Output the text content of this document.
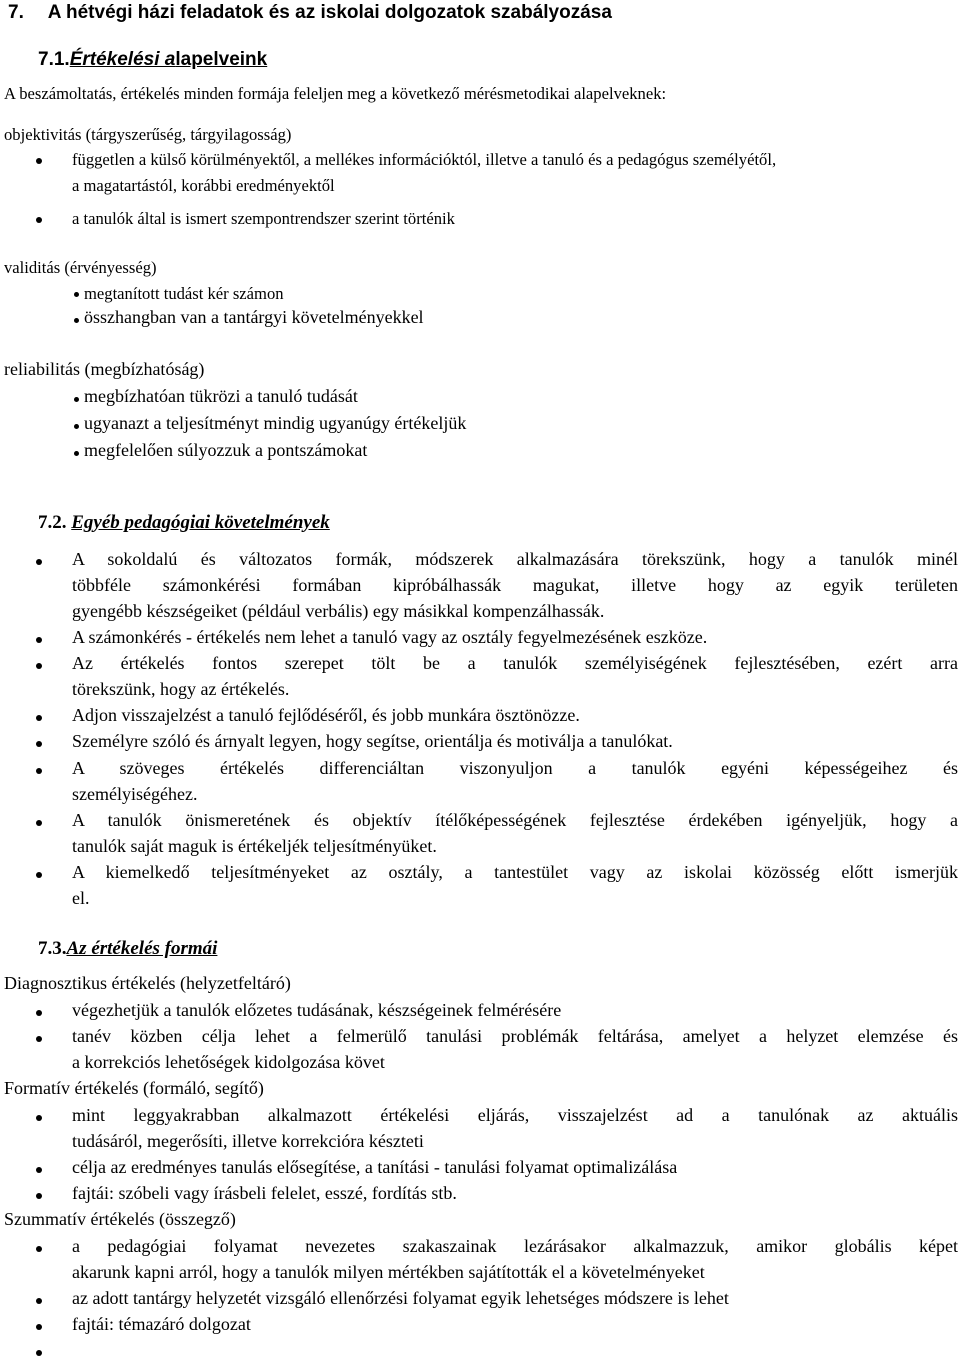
7. A hétvégi házi feladatok és az iskolai dolgozatok szabályozása
7.1.Értékelési alapelveink
A beszámoltatás, értékelés minden formája feleljen meg a következő mérésmetodikai alapelveknek:
objektivitás (tárgyszerűség, tárgyilagosság)
független a külső körülményektől, a mellékes információktól, illetve a tanuló és a pedagógus személyétől,
a magatartástól, korábbi eredményektől
a tanulók által is ismert szempontrendszer szerint történik
validitás (érvényesség)
megtanított tudást kér számon
összhangban van a tantárgyi követelményekkel
reliabilitás (megbízhatóság)
megbízhatóan tükrözi a tanuló tudását
ugyanazt a teljesítményt mindig ugyanúgy értékeljük
megfelelően súlyozzuk a pontszámokat
7.2. Egyéb pedagógiai követelmények
A sokoldalú és változatos formák, módszerek alkalmazására törekszünk, hogy a tanulók minél
többféle számonkérési formában kipróbálhassák magukat, illetve hogy az egyik területen
gyengébb készségeiket (például verbális) egy másikkal kompenzálhassák.
A számonkérés - értékelés nem lehet a tanuló vagy az osztály fegyelmezésének eszköze.
Az értékelés fontos szerepet tölt be a tanulók személyiségének fejlesztésében, ezért arra
törekszünk, hogy az értékelés.
Adjon visszajelzést a tanuló fejlődéséről, és jobb munkára ösztönözze.
Személyre szóló és árnyalt legyen, hogy segítse, orientálja és motiválja a tanulókat.
A szöveges értékelés differenciáltan viszonyuljon a tanulók egyéni képességeihez és
személyiségéhez.
A tanulók önismeretének és objektív ítélőképességének fejlesztése érdekében igényeljük, hogy a
tanulók saját maguk is értékeljék teljesítményüket.
A kiemelkedő teljesítményeket az osztály, a tantestület vagy az iskolai közösség előtt ismerjük
el.
7.3.Az értékelés formái
Diagnosztikus értékelés (helyzetfeltáró)
végezhetjük a tanulók előzetes tudásának, készségeinek felmérésére
tanév közben célja lehet a felmerülő tanulási problémák feltárása, amelyet a helyzet elemzése és
a korrekciós lehetőségek kidolgozása követ
Formatív értékelés (formáló, segítő)
mint leggyakrabban alkalmazott értékelési eljárás, visszajelzést ad a tanulónak az aktuális
tudásáról, megerősíti, illetve korrekcióra készteti
célja az eredményes tanulás elősegítése, a tanítási - tanulási folyamat optimalizálása
fajtái: szóbeli vagy írásbeli felelet, esszé, fordítás stb.
Szummatív értékelés (összegző)
a pedagógiai folyamat nevezetes szakaszainak lezárásakor alkalmazzuk, amikor globális képet
akarunk kapni arról, hogy a tanulók milyen mértékben sajátították el a követelményeket
az adott tantárgy helyzetét vizsgáló ellenőrzési folyamat egyik lehetséges módszere is lehet
fajtái: témazáró dolgozat
